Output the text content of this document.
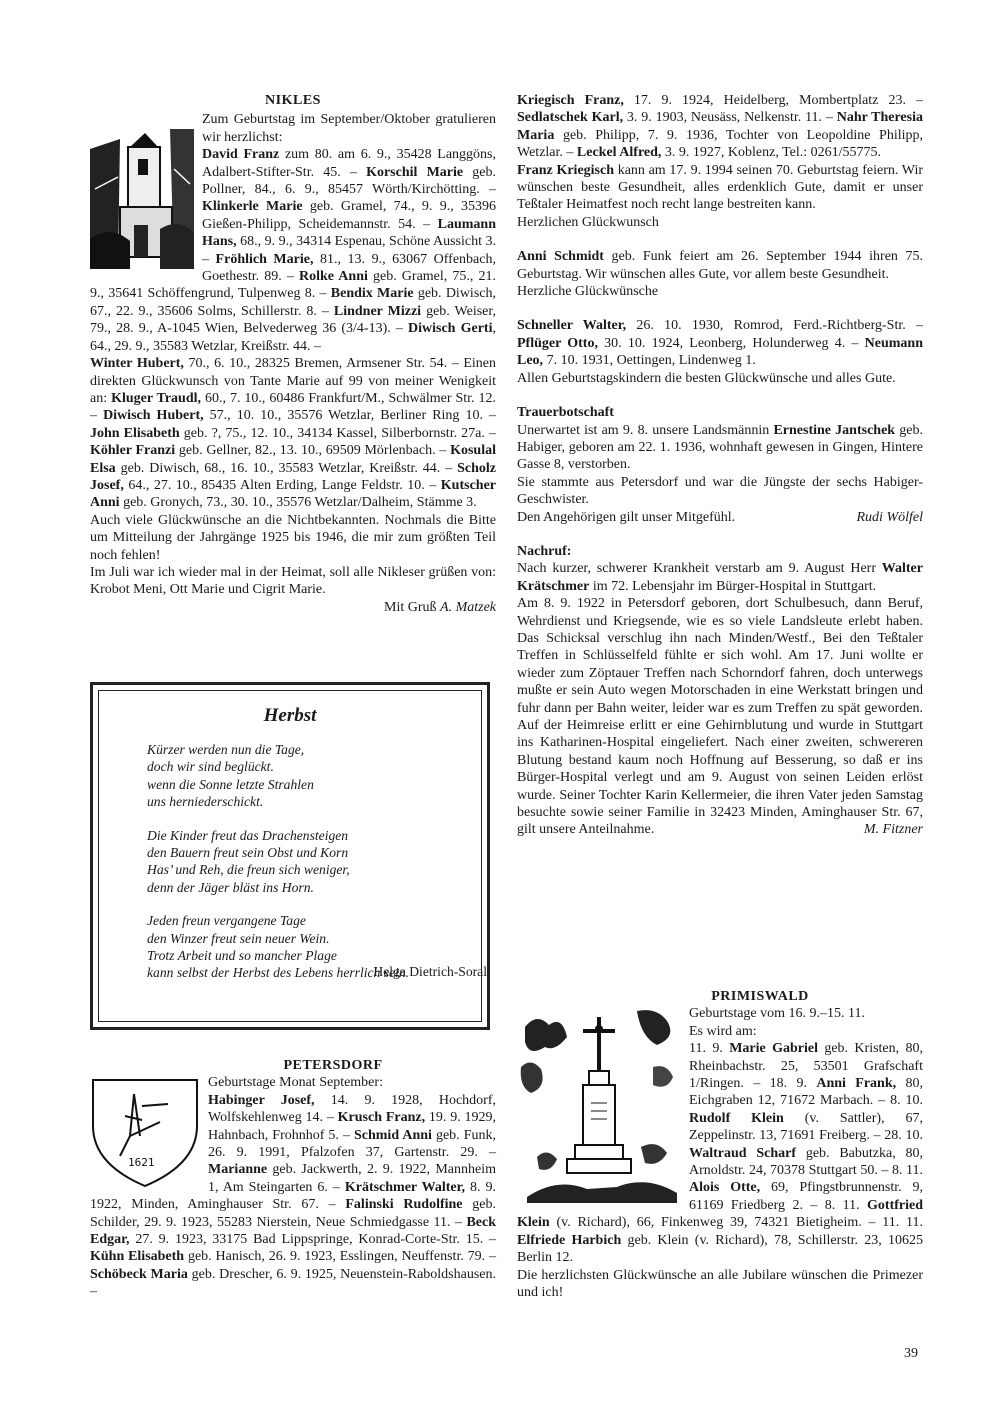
NIKLES

Zum Geburtstag im September/Oktober gratulieren wir herzlichst:

David Franz zum 80. am 6. 9., 35428 Langgöns, Adalbert-Stifter-Str. 45. – Korschil Marie geb. Pollner, 84., 6. 9., 85457 Wörth/Kirchötting. – Klinkerle Marie geb. Gramel, 74., 9. 9., 35396 Gießen-Philipp, Scheidemannstr. 54. – Laumann Hans, 68., 9. 9., 34314 Espenau, Schöne Aussicht 3. – Fröhlich Marie, 81., 13. 9., 63067 Offenbach, Goethestr. 89. – Rolke Anni geb. Gramel, 75., 21. 9., 35641 Schöffengrund, Tulpenweg 8. – Bendix Marie geb. Diwisch, 67., 22. 9., 35606 Solms, Schillerstr. 8. – Lindner Mizzi geb. Weiser, 79., 28. 9., A-1045 Wien, Belvederweg 36 (3/4-13). – Diwisch Gerti, 64., 29. 9., 35583 Wetzlar, Kreißstr. 44. –

Winter Hubert, 70., 6. 10., 28325 Bremen, Armsener Str. 54. – Einen direkten Glückwunsch von Tante Marie auf 99 von meiner Wenigkeit an: Kluger Traudl, 60., 7. 10., 60486 Frankfurt/M., Schwälmer Str. 12. – Diwisch Hubert, 57., 10. 10., 35576 Wetzlar, Berliner Ring 10. – John Elisabeth geb. ?, 75., 12. 10., 34134 Kassel, Silberbornstr. 27a. – Köhler Franzi geb. Gellner, 82., 13. 10., 69509 Mörlenbach. – Kosulal Elsa geb. Diwisch, 68., 16. 10., 35583 Wetzlar, Kreißstr. 44. – Scholz Josef, 64., 27. 10., 85435 Alten Erding, Lange Feldstr. 10. – Kutscher Anni geb. Gronych, 73., 30. 10., 35576 Wetzlar/Dalheim, Stämme 3.

Auch viele Glückwünsche an die Nichtbekannten. Nochmals die Bitte um Mitteilung der Jahrgänge 1925 bis 1946, die mir zum größten Teil noch fehlen!

Im Juli war ich wieder mal in der Heimat, soll alle Nikleser grüßen von: Krobot Meni, Ott Marie und Cigrit Marie.

Mit Gruß A. Matzek

Herbst
Kürzer werden nun die Tage,
doch wir sind beglückt.
wenn die Sonne letzte Strahlen
uns herniederschickt.
Die Kinder freut das Drachensteigen
den Bauern freut sein Obst und Korn
Has’ und Reh, die freun sich weniger,
denn der Jäger bläst ins Horn.
Jeden freun vergangene Tage
den Winzer freut sein neuer Wein.
Trotz Arbeit und so mancher Plage
kann selbst der Herbst des Lebens herrlich sein.
Helga Dietrich-Soral
PETERSDORF
1621

Geburtstage Monat September:

Habinger Josef, 14. 9. 1928, Hochdorf, Wolfskehlenweg 14. – Krusch Franz, 19. 9. 1929, Hahnbach, Frohnhof 5. – Schmid Anni geb. Funk, 26. 9. 1991, Pfalzofen 37, Gartenstr. 29. – Marianne geb. Jackwerth, 2. 9. 1922, Mannheim 1, Am Steingarten 6. – Krätschmer Walter, 8. 9. 1922, Minden, Aminghauser Str. 67. – Falinski Rudolfine geb. Schilder, 29. 9. 1923, 55283 Nierstein, Neue Schmiedgasse 11. – Beck Edgar, 27. 9. 1923, 33175 Bad Lippspringe, Konrad-Corte-Str. 15. – Kühn Elisabeth geb. Hanisch, 26. 9. 1923, Esslingen, Neuffenstr. 79. – Schöbeck Maria geb. Drescher, 6. 9. 1925, Neuenstein-Raboldshausen. –

Kriegisch Franz, 17. 9. 1924, Heidelberg, Mombertplatz 23. – Sedlatschek Karl, 3. 9. 1903, Neusäss, Nelkenstr. 11. – Nahr Theresia Maria geb. Philipp, 7. 9. 1936, Tochter von Leopoldine Philipp, Wetzlar. – Leckel Alfred, 3. 9. 1927, Koblenz, Tel.: 0261/55775.

Franz Kriegisch kann am 17. 9. 1994 seinen 70. Geburtstag feiern. Wir wünschen beste Gesundheit, alles erdenklich Gute, damit er unser Teßtaler Heimatfest noch recht lange bestreiten kann.

Herzlichen Glückwunsch

Anni Schmidt geb. Funk feiert am 26. September 1944 ihren 75. Geburtstag. Wir wünschen alles Gute, vor allem beste Gesundheit.

Herzliche Glückwünsche

Schneller Walter, 26. 10. 1930, Romrod, Ferd.-Richtberg-Str. – Pflüger Otto, 30. 10. 1924, Leonberg, Holunderweg 4. – Neumann Leo, 7. 10. 1931, Oettingen, Lindenweg 1.

Allen Geburtstagskindern die besten Glückwünsche und alles Gute.

Trauerbotschaft

Unerwartet ist am 9. 8. unsere Landsmännin Ernestine Jantschek geb. Habiger, geboren am 22. 1. 1936, wohnhaft gewesen in Gingen, Hintere Gasse 8, verstorben.

Sie stammte aus Petersdorf und war die Jüngste der sechs Habiger-Geschwister.

Den Angehörigen gilt unser Mitgefühl.	Rudi Wölfel

Nachruf:

Nach kurzer, schwerer Krankheit verstarb am 9. August Herr Walter Krätschmer im 72. Lebensjahr im Bürger-Hospital in Stuttgart.

Am 8. 9. 1922 in Petersdorf geboren, dort Schulbesuch, dann Beruf, Wehrdienst und Kriegsende, wie es so viele Landsleute erlebt haben. Das Schicksal verschlug ihn nach Minden/Westf., Bei den Teßtaler Treffen in Schlüsselfeld fühlte er sich wohl. Am 17. Juni wollte er wieder zum Zöptauer Treffen nach Schorndorf fahren, doch unterwegs mußte er sein Auto wegen Motorschaden in eine Werkstatt bringen und fuhr dann per Bahn weiter, leider war es zum Treffen zu spät geworden. Auf der Heimreise erlitt er eine Gehirnblutung und wurde in Stuttgart ins Katharinen-Hospital eingeliefert. Nach einer zweiten, schwereren Blutung bestand kaum noch Hoffnung auf Besserung, so daß er ins Bürger-Hospital verlegt und am 9. August von seinen Leiden erlöst wurde. Seiner Tochter Karin Kellermeier, die ihren Vater jeden Samstag besuchte sowie seiner Familie in 32423 Minden, Aminghauser Str. 67, gilt unsere Anteilnahme.	M. Fitzner

PRIMISWALD

Geburtstage vom 16. 9.–15. 11.

Es wird am:

11. 9. Marie Gabriel geb. Kristen, 80, Rheinbachstr. 25, 53501 Grafschaft 1/Ringen. – 18. 9. Anni Frank, 80, Eichgraben 12, 71672 Marbach. – 8. 10. Rudolf Klein (v. Sattler), 67, Zeppelinstr. 13, 71691 Freiberg. – 28. 10. Waltraud Scharf geb. Babutzka, 80, Arnoldstr. 24, 70378 Stuttgart 50. – 8. 11. Alois Otte, 69, Pfingstbrunnenstr. 9, 61169 Friedberg 2. – 8. 11. Gottfried Klein (v. Richard), 66, Finkenweg 39, 74321 Bietigheim. – 11. 11. Elfriede Harbich geb. Klein (v. Richard), 78, Schillerstr. 23, 10625 Berlin 12.

Die herzlichsten Glückwünsche an alle Jubilare wünschen die Primezer und ich!

39
